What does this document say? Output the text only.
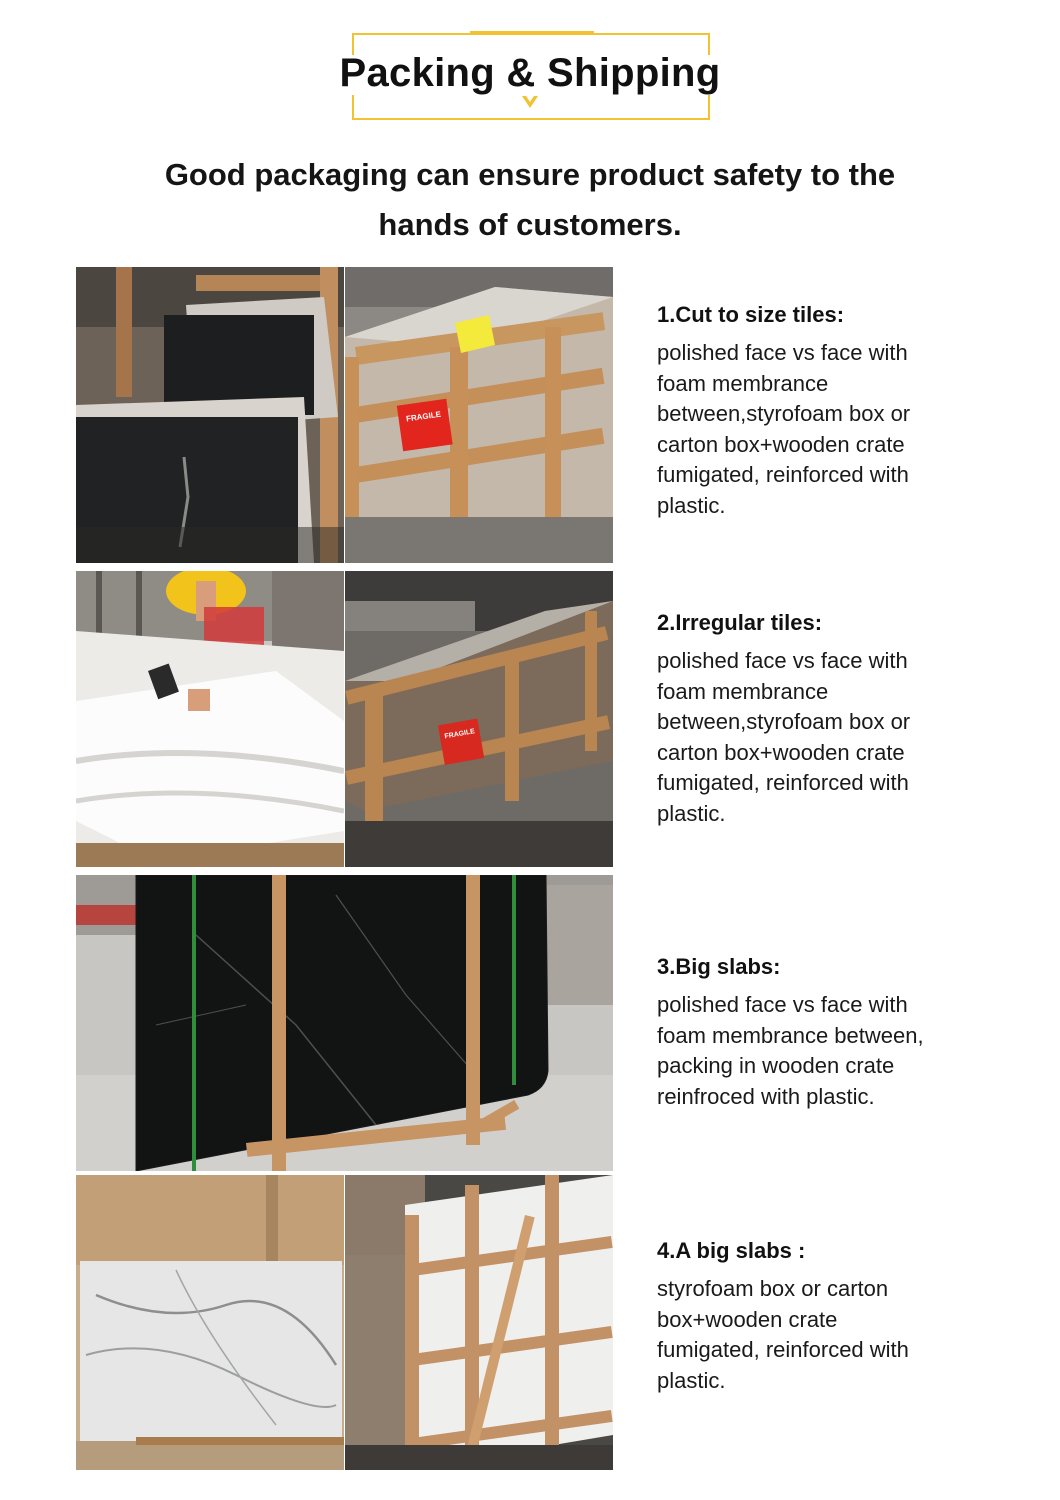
Packing & Shipping
Good packaging can ensure product safety to the
hands of customers.
FRAGILE

1.Cut to size tiles:

polished face vs face with
foam membrance
between,styrofoam box or
carton box+wooden crate
fumigated, reinforced with
plastic.

FRAGILE

2.Irregular tiles:

polished face vs face with
foam membrance
between,styrofoam box or
carton box+wooden crate
fumigated, reinforced with
plastic.

3.Big slabs:

polished face vs face with
foam membrance between,
packing in wooden crate
reinfroced with plastic.

4.A big slabs :

styrofoam box or carton
box+wooden crate
fumigated, reinforced with
plastic.
